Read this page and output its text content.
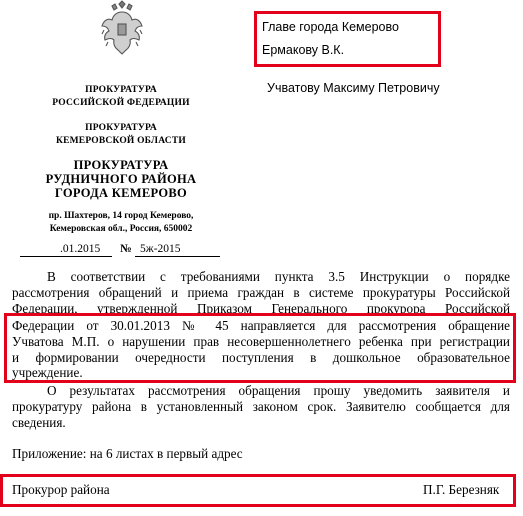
ПРОКУРАТУРА
РОССИЙСКОЙ ФЕДЕРАЦИИ
ПРОКУРАТУРА
КЕМЕРОВСКОЙ ОБЛАСТИ
ПРОКУРАТУРА
РУДНИЧНОГО РАЙОНА
ГОРОДА КЕМЕРОВО
пр. Шахтеров, 14 город Кемерово,
Кемеровская обл., Россия, 650002
.01.2015 № 5ж-2015
Главе города Кемерово
Ермакову В.К.
Учватову Максиму Петровичу
В соответствии с требованиями пункта 3.5 Инструкции о порядке
рассмотрения обращений и приема граждан в системе прокуратуры Российской
Федерации, утвержденной Приказом Генерального прокурора Российской
Федерации от 30.01.2013 № 45 направляется для рассмотрения обращение
Учватова М.П. о нарушении прав несовершеннолетнего ребенка при регистрации
и формировании очередности поступления в дошкольное образовательное
учреждение.
О результатах рассмотрения обращения прошу уведомить заявителя и
прокуратуру района в установленный законом срок. Заявителю сообщается для
сведения.
Приложение: на 6 листах в первый адрес
Прокурор района	П.Г. Березняк
